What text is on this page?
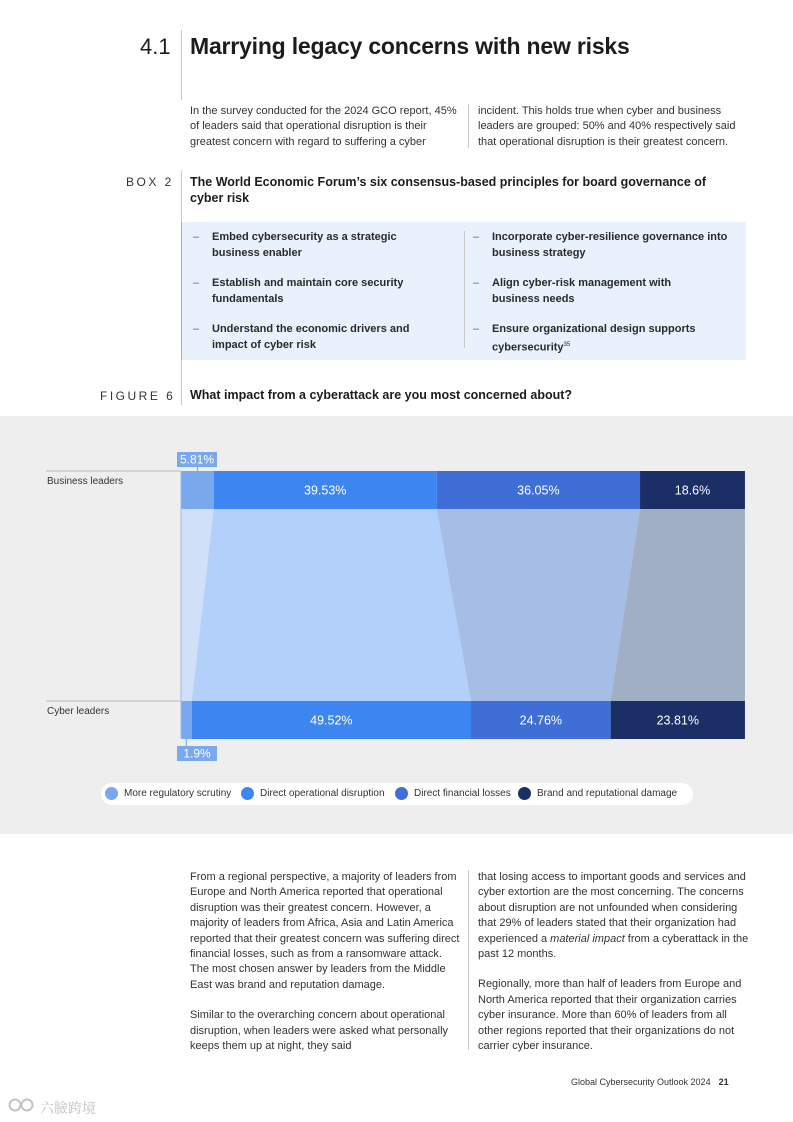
4.1 Marrying legacy concerns with new risks
In the survey conducted for the 2024 GCO report, 45% of leaders said that operational disruption is their greatest concern with regard to suffering a cyber
incident. This holds true when cyber and business leaders are grouped: 50% and 40% respectively said that operational disruption is their greatest concern.
BOX 2 The World Economic Forum’s six consensus-based principles for board governance of cyber risk
– Embed cybersecurity as a strategic business enabler
– Establish and maintain core security fundamentals
– Understand the economic drivers and impact of cyber risk
– Incorporate cyber-resilience governance into business strategy
– Align cyber-risk management with business needs
– Ensure organizational design supports cybersecurity$^{35}$
FIGURE 6 What impact from a cyberattack are you most concerned about?
Business leaders
Cyber leaders
5.81%
1.9%
39.53%
49.52%
36.05%
24.76%
18.6%
23.81%
More regulatory scrutiny	Direct operational disruption	Direct financial losses	Brand and reputational damage

From a regional perspective, a majority of leaders from Europe and North America reported that operational disruption was their greatest concern. However, a majority of leaders from Africa, Asia and Latin America reported that their greatest concern was suffering direct financial losses, such as from a ransomware attack. The most chosen answer by leaders from the Middle East was brand and reputation damage.

Similar to the overarching concern about operational disruption, when leaders were asked what personally keeps them up at night, they said

that losing access to important goods and services and cyber extortion are the most concerning. The concerns about disruption are not unfounded when considering that 29% of leaders stated that their organization had experienced a material impact from a cyberattack in the past 12 months.

Regionally, more than half of leaders from Europe and North America reported that their organization carries cyber insurance. More than 60% of leaders from all other regions reported that their organizations do not carrier cyber insurance.

Global Cybersecurity Outlook 2024 21
六臉跨境
